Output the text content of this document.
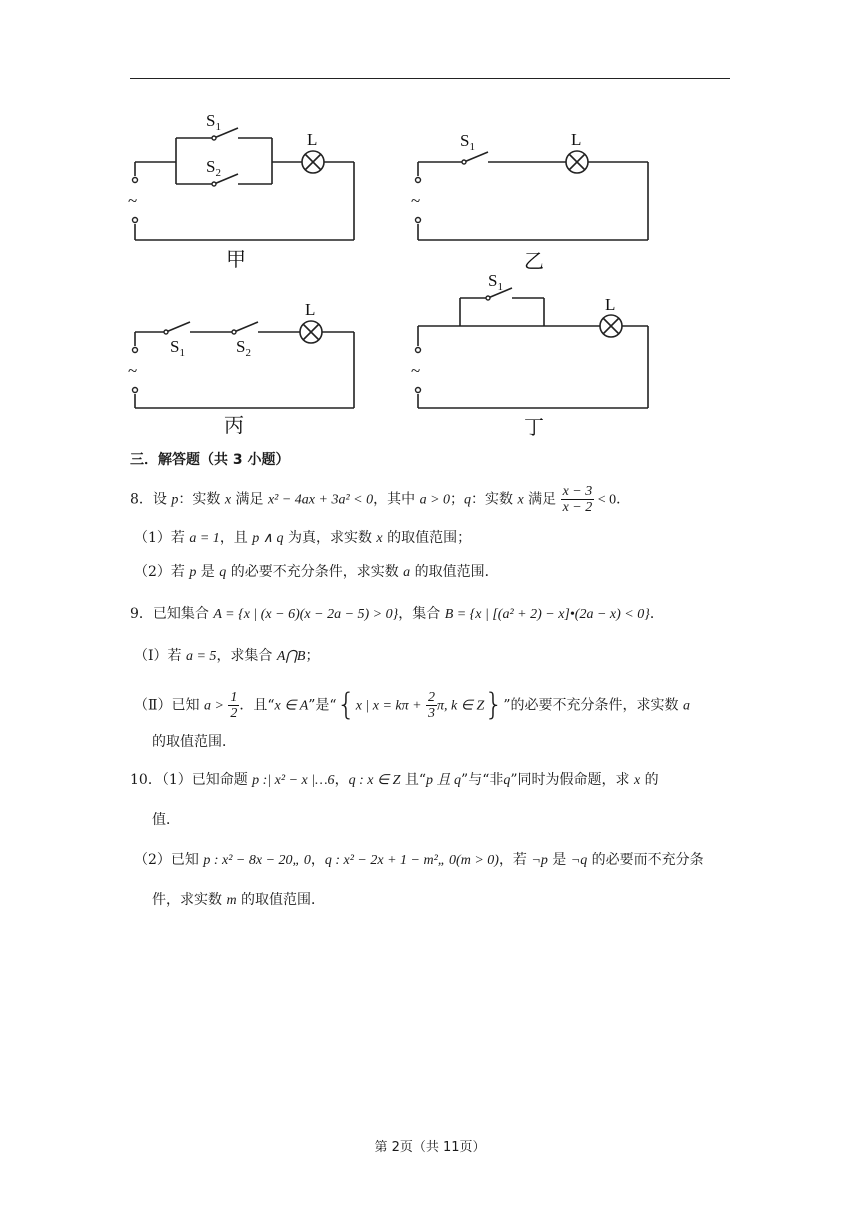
~
$S_1$
$S_2$
L
甲
~
$S_1$	L
乙
~
$S_1$	$S_2$
L
丙
~
$S_1$
L
丁
三．解答题（共 3 小题）
8．设 p：实数 x 满足 x² − 4ax + 3a² < 0，其中 a > 0；q：实数 x 满足 $\frac{x - 3}{x - 2} < 0$．
（1）若 a = 1，且 p ∧ q 为真，求实数 x 的取值范围；
（2）若 p 是 q 的必要不充分条件，求实数 a 的取值范围．
9．已知集合 A = {x | (x − 6)(x − 2a − 5) > 0}，集合 B = {x | [(a² + 2) − x]•(2a − x) < 0}．
（Ⅰ）若 a = 5，求集合 A⋂B；
（Ⅱ）已知 $a > \frac{1}{2}$ ．且“x ∈ A”是“{x | $x = k\pi + \frac{2}{3} \pi$, k ∈ Z}”的必要不充分条件，求实数 a
的取值范围．
10．（1）已知命题 p :| x² − x |…6，q : x ∈ Z 且“p 且 q”与“非q”同时为假命题，求 x 的
值．
（2）已知 p : x² − 8x − 20„ 0，q : x² − 2x + 1 − m²„ 0(m > 0)，若 ¬p 是 ¬q 的必要而不充分条
件，求实数 m 的取值范围．
第 2页（共 11页）
